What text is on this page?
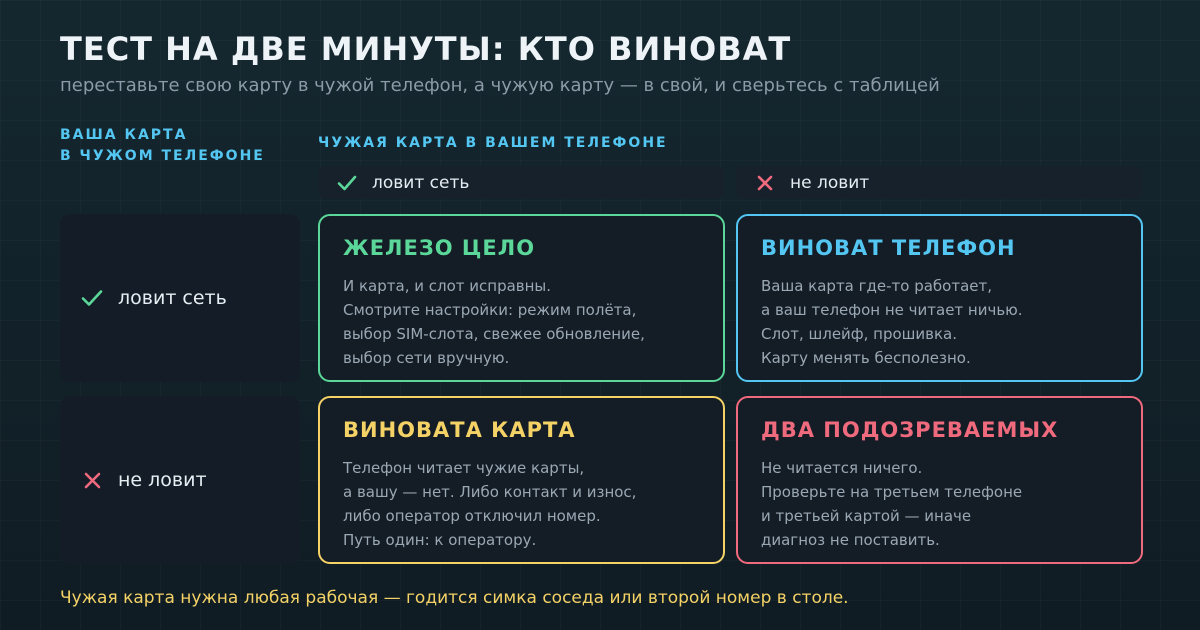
ТЕСТ НА ДВЕ МИНУТЫ: КТО ВИНОВАТ
переставьте свою карту в чужой телефон, а чужую карту — в свой, и сверьтесь с таблицей
ВАША КАРТА
В ЧУЖОМ ТЕЛЕФОНЕ
ЧУЖАЯ КАРТА В ВАШЕМ ТЕЛЕФОНЕ
ловит сеть	не ловит
ловит сеть
не ловит
ЖЕЛЕЗО ЦЕЛО
И карта, и слот исправны.
Смотрите настройки: режим полёта,
выбор SIM-слота, свежее обновление,
выбор сети вручную.
ВИНОВАТ ТЕЛЕФОН
Ваша карта где-то работает,
а ваш телефон не читает ничью.
Слот, шлейф, прошивка.
Карту менять бесполезно.
ВИНОВАТА КАРТА
Телефон читает чужие карты,
а вашу — нет. Либо контакт и износ,
либо оператор отключил номер.
Путь один: к оператору.
ДВА ПОДОЗРЕВАЕМЫХ
Не читается ничего.
Проверьте на третьем телефоне
и третьей картой — иначе
диагноз не поставить.
Чужая карта нужна любая рабочая — годится симка соседа или второй номер в столе.
